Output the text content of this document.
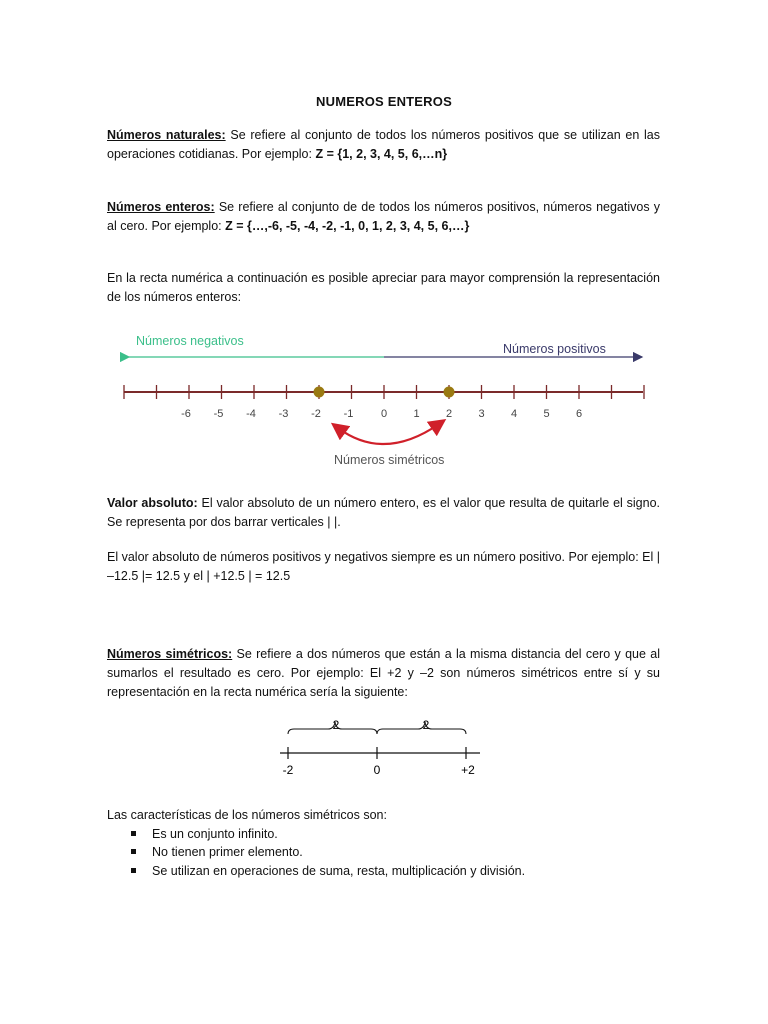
NUMEROS ENTEROS
Números naturales: Se refiere al conjunto de todos los números positivos que se utilizan en las operaciones cotidianas. Por ejemplo: Z = {1, 2, 3, 4, 5, 6,…n}
Números enteros: Se refiere al conjunto de de todos los números positivos, números negativos y al cero. Por ejemplo: Z = {…,-6, -5, -4, -2, -1, 0, 1, 2, 3, 4, 5, 6,…}
En la recta numérica a continuación es posible apreciar para mayor comprensión la representación de los números enteros:
Números negativos
Números positivos
-6 -5 -4 -3 -2 -1	0 1 2 3 4 5 6
Números simétricos
Valor absoluto: El valor absoluto de un número entero, es el valor que resulta de quitarle el signo. Se representa por dos barrar verticales | |.
El valor absoluto de números positivos y negativos siempre es un número positivo. Por ejemplo: El | –12.5 |= 12.5 y el | +12.5 | = 12.5
Números simétricos: Se refiere a dos números que están a la misma distancia del cero y que al sumarlos el resultado es cero. Por ejemplo: El +2 y –2 son números simétricos entre sí y su representación en la recta numérica sería la siguiente:
2	2
-2	0	+2
Las características de los números simétricos son:
Es un conjunto infinito.
No tienen primer elemento.
Se utilizan en operaciones de suma, resta, multiplicación y división.
